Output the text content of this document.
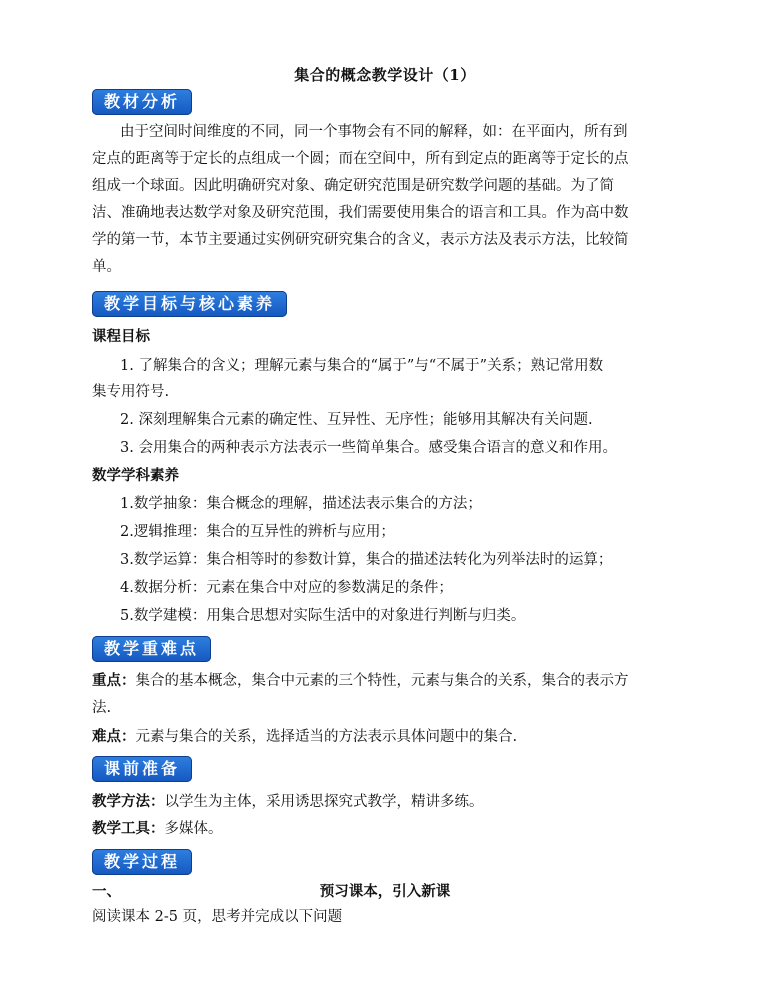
集合的概念教学设计（1）
教材分析
由于空间时间维度的不同，同一个事物会有不同的解释，如：在平面内，所有到
定点的距离等于定长的点组成一个圆；而在空间中，所有到定点的距离等于定长的点
组成一个球面。因此明确研究对象、确定研究范围是研究数学问题的基础。为了简
洁、准确地表达数学对象及研究范围，我们需要使用集合的语言和工具。作为高中数
学的第一节，本节主要通过实例研究研究集合的含义，表示方法及表示方法，比较简
单。
教学目标与核心素养
课程目标
1. 了解集合的含义；理解元素与集合的“属于”与“不属于”关系；熟记常用数
集专用符号.
2. 深刻理解集合元素的确定性、互异性、无序性；能够用其解决有关问题.
3. 会用集合的两种表示方法表示一些简单集合。感受集合语言的意义和作用。
数学学科素养
1.数学抽象：集合概念的理解，描述法表示集合的方法；
2.逻辑推理：集合的互异性的辨析与应用；
3.数学运算：集合相等时的参数计算，集合的描述法转化为列举法时的运算；
4.数据分析：元素在集合中对应的参数满足的条件；
5.数学建模：用集合思想对实际生活中的对象进行判断与归类。
教学重难点
重点：集合的基本概念，集合中元素的三个特性，元素与集合的关系，集合的表示方
法.
难点：元素与集合的关系，选择适当的方法表示具体问题中的集合.
课前准备
教学方法：以学生为主体，采用诱思探究式教学，精讲多练。
教学工具：多媒体。
教学过程
一、	预习课本，引入新课
阅读课本 2-5 页，思考并完成以下问题
